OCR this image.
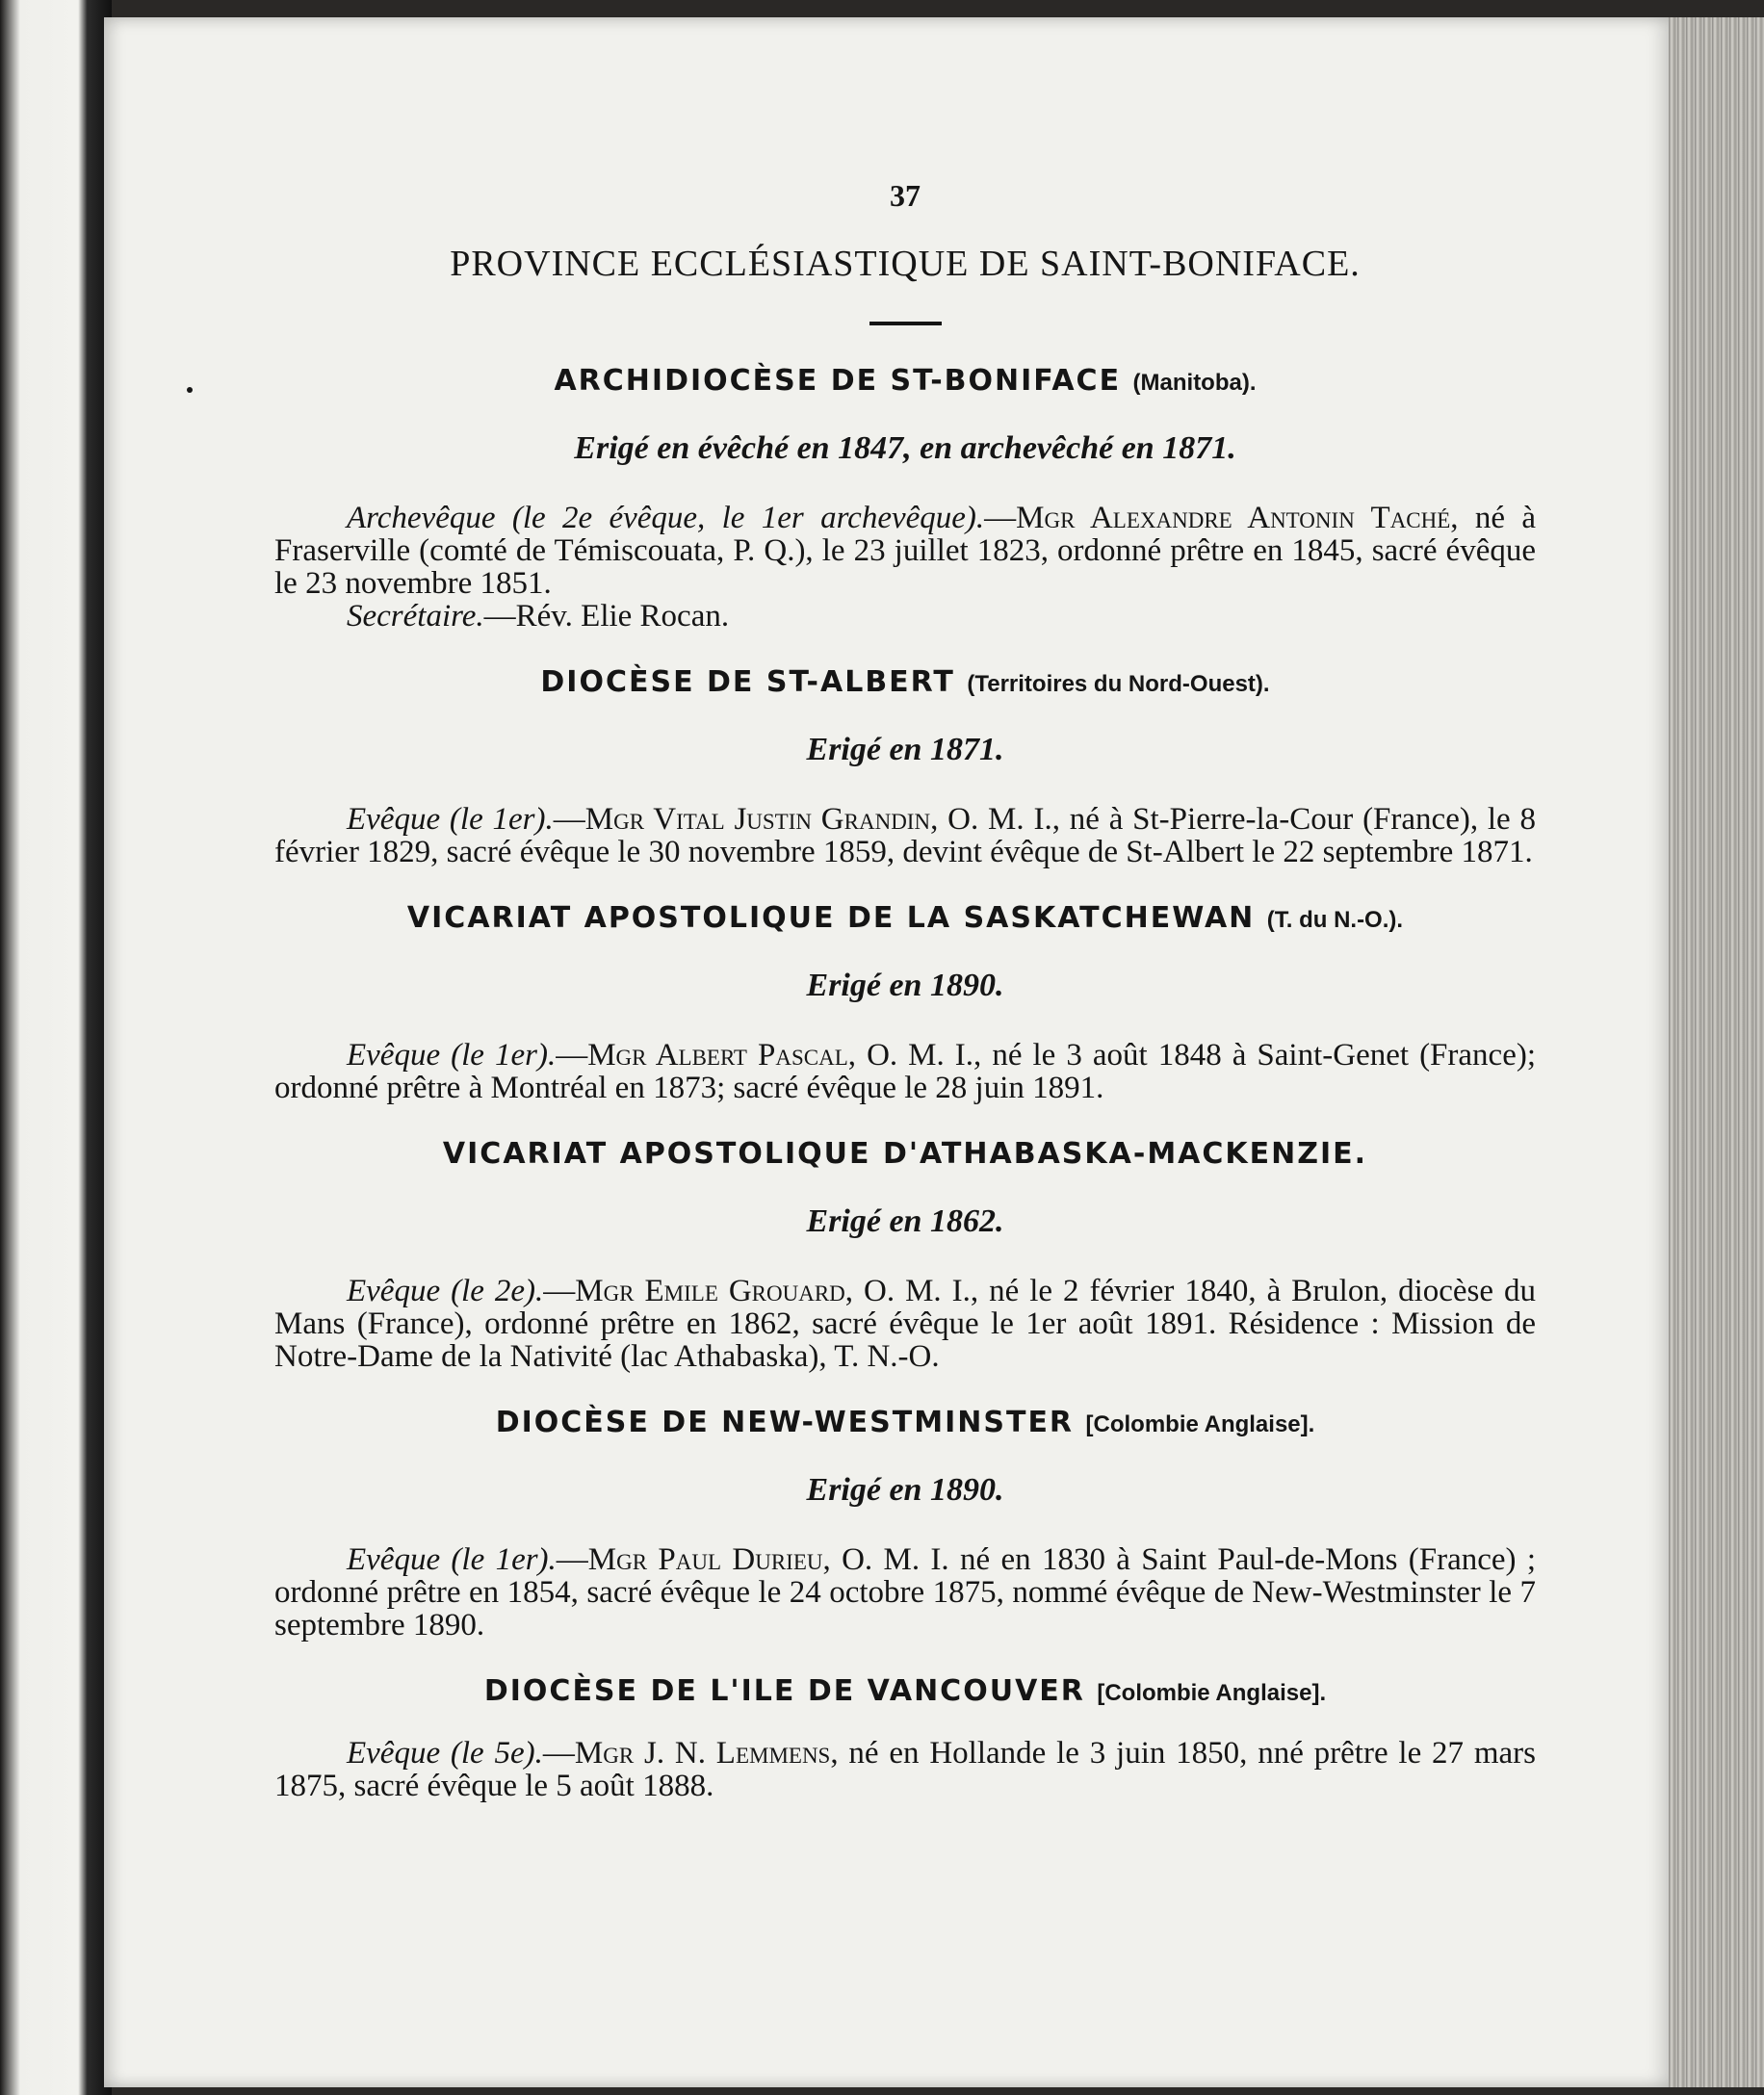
37

PROVINCE ECCLÉSIASTIQUE DE SAINT-BONIFACE.

ARCHIDIOCÈSE DE ST-BONIFACE (Manitoba).

Erigé en évêché en 1847, en archevêché en 1871.

Archevêque (le 2e évêque, le 1er archevêque).—Mgr Alexandre Antonin Taché, né à Fraserville (comté de Témiscouata, P. Q.), le 23 juillet 1823, ordonné prêtre en 1845, sacré évêque le 23 novembre 1851.

Secrétaire.—Rév. Elie Rocan.

DIOCÈSE DE ST-ALBERT (Territoires du Nord-Ouest).

Erigé en 1871.

Evêque (le 1er).—Mgr Vital Justin Grandin, O. M. I., né à St-Pierre-la-Cour (France), le 8 février 1829, sacré évêque le 30 novembre 1859, devint évêque de St-Albert le 22 septembre 1871.

VICARIAT APOSTOLIQUE DE LA SASKATCHEWAN (T. du N.-O.).

Erigé en 1890.

Evêque (le 1er).—Mgr Albert Pascal, O. M. I., né le 3 août 1848 à Saint-Genet (France); ordonné prêtre à Montréal en 1873; sacré évêque le 28 juin 1891.

VICARIAT APOSTOLIQUE D'ATHABASKA-MACKENZIE.

Erigé en 1862.

Evêque (le 2e).—Mgr Emile Grouard, O. M. I., né le 2 février 1840, à Brulon, diocèse du Mans (France), ordonné prêtre en 1862, sacré évêque le 1er août 1891. Résidence : Mission de Notre-Dame de la Nativité (lac Athabaska), T. N.-O.

DIOCÈSE DE NEW-WESTMINSTER [Colombie Anglaise].

Erigé en 1890.

Evêque (le 1er).—Mgr Paul Durieu, O. M. I. né en 1830 à Saint Paul-de-Mons (France) ; ordonné prêtre en 1854, sacré évêque le 24 octobre 1875, nommé évêque de New-Westminster le 7 septembre 1890.

DIOCÈSE DE L'ILE DE VANCOUVER [Colombie Anglaise].

Evêque (le 5e).—Mgr J. N. Lemmens, né en Hollande le 3 juin 1850, nné prêtre le 27 mars 1875, sacré évêque le 5 août 1888.
